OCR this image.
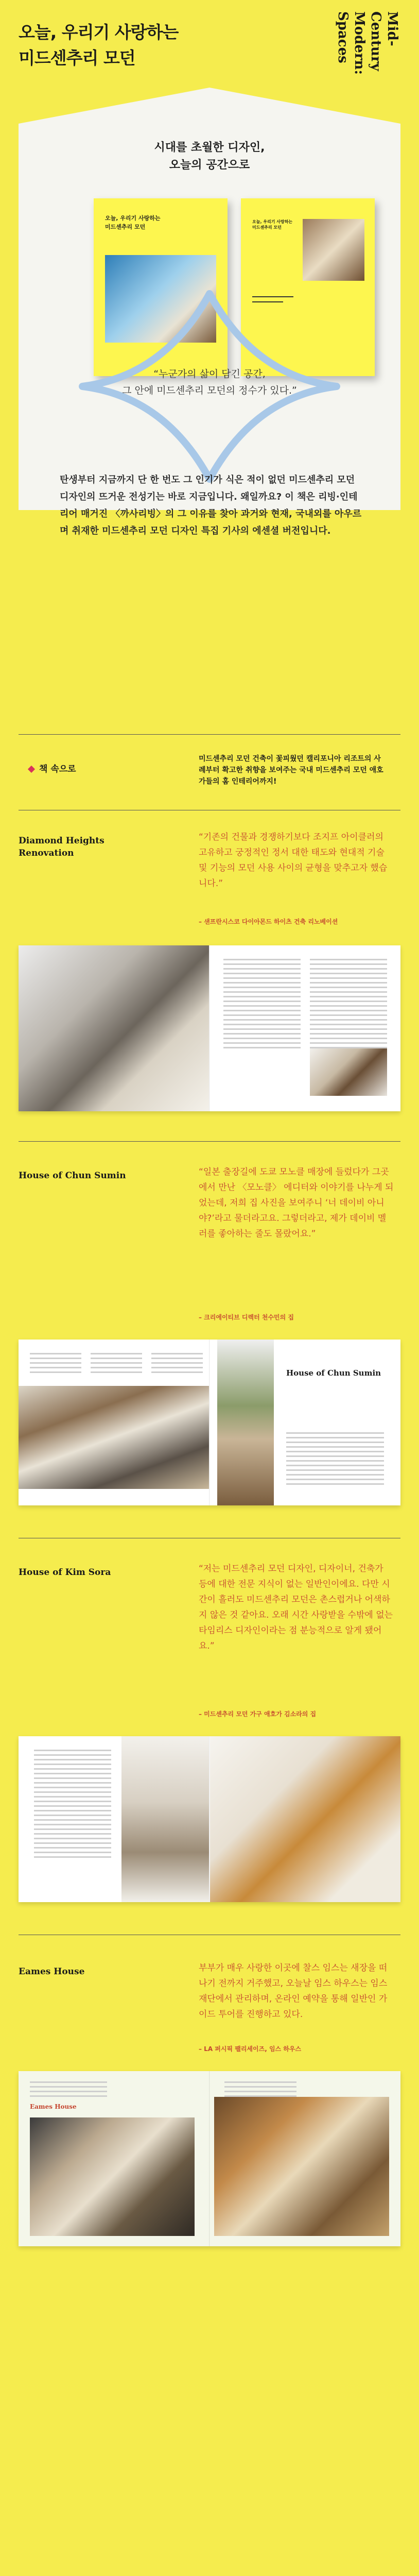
오늘, 우리기 사랑하는
미드센추리 모던
Mid-Century
Modern:
Spaces
시대를 초월한 디자인,
오늘의 공간으로
오늘, 우리기 사랑하는
미드센추리 모던
오늘, 우리기 사랑하는
미드센추리 모던
“누군가의 삶이 담긴 공간,
그 안에 미드센추리 모던의 정수가 있다.”
탄생부터 지금까지 단 한 번도 그 인기가 식은 적이 없던 미드센추리 모던 디자인의 뜨거운 전성기는 바로 지금입니다. 왜일까요? 이 책은 리빙·인테리어 매거진 〈까사리빙〉의 그 이유를 찾아 과거와 현재, 국내외를 아우르며 취재한 미드센추리 모던 디자인 특집 기사의 에센셜 버전입니다.
책 속으로
미드센추리 모던 건축이 꽃피웠던 캘리포니아 리조트의 사례부터 확고한 취향을 보여주는 국내 미드센추리 모던 애호가들의 홈 인테리어까지!
Diamond Heights Renovation
“기존의 건물과 경쟁하기보다 조지프 아이클러의 고유하고 궁정적인 정서 대한 태도와 현대적 기술 및 기능의 모던 사용 사이의 균형을 맞추고자 했습니다.”
– 샌프란시스코 다이아몬드 하이츠 건축 리노베이션
House of Chun Sumin	“일본 출장길에 도쿄 모노클 매장에 들렀다가 그곳에서 만난 〈모노클〉 에디터와 이야기를 나누게 되었는데, 저희 집 사진을 보여주니 ‘너 데이비 아니야?’라고 물더라고요. 그렇더라고, 제가 데이비 멜러를 좋아하는 줄도 몰랐어요.”
– 크리에이티브 디렉터 천수민의 집
House of Chun Sumin
House of Kim Sora	“저는 미드센추리 모던 디자인, 디자이너, 건축가 등에 대한 전문 지식이 없는 일반인이에요. 다만 시간이 흘러도 미드센추리 모던은 촌스럽거나 어색하지 않은 것 같아요. 오래 시간 사랑받을 수밖에 없는 타임리스 디자인이라는 점 분능적으로 알게 됐어요.”
– 미드센추리 모던 가구 애호가 김소라의 집
Eames House	부부가 매우 사랑한 이곳에 찰스 임스는 새장을 떠나기 전까지 거주했고, 오늘날 임스 하우스는 임스 재단에서 관리하며, 온라인 예약을 통해 일반인 가이드 투어를 진행하고 있다.
– LA 퍼시픽 팰리세이즈, 임스 하우스
Eames House
